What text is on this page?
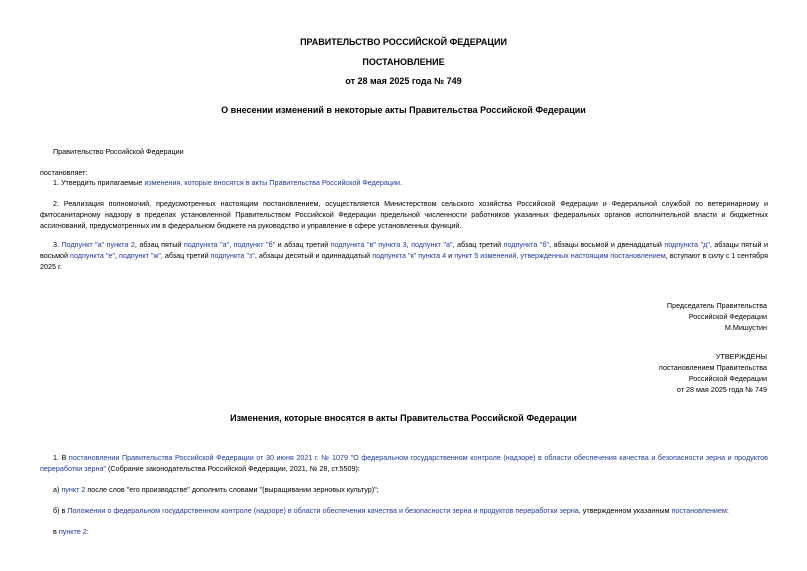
ПРАВИТЕЛЬСТВО РОССИЙСКОЙ ФЕДЕРАЦИИ
ПОСТАНОВЛЕНИЕ
от 28 мая 2025 года № 749
О внесении изменений в некоторые акты Правительства Российской Федерации
Правительство Российской Федерации
постановляет:

1. Утвердить прилагаемые изменения, которые вносятся в акты Правительства Российской Федерации.

2. Реализация полномочий, предусмотренных настоящим постановлением, осуществляется Министерством сельского хозяйства Российской Федерации и Федеральной службой по ветеринарному и фитосанитарному надзору в пределах установленной Правительством Российской Федерации предельной численности работников указанных федеральных органов исполнительной власти и бюджетных ассигнований, предусмотренных им в федеральном бюджете на руководство и управление в сфере установленных функций.

3. Подпункт "а" пункта 2, абзац пятый подпункта "а", подпункт "б" и абзац третий подпункта "в" пункта 3, подпункт "а", абзац третий подпункта "б", абзацы восьмой и двенадцатый подпункта "д", абзацы пятый и восьмой подпункта "е", подпункт "ж", абзац третий подпункта "з", абзацы десятый и одиннадцатый подпункта "к" пункта 4 и пункт 5 изменений, утвержденных настоящим постановлением, вступают в силу с 1 сентября 2025 г.

Председатель Правительства
Российской Федерации
М.Мишустин
УТВЕРЖДЕНЫ
постановлением Правительства
Российской Федерации
от 28 мая 2025 года № 749
Изменения, которые вносятся в акты Правительства Российской Федерации

1. В постановлении Правительства Российской Федерации от 30 июня 2021 г. № 1079 "О федеральном государственном контроле (надзоре) в области обеспечения качества и безопасности зерна и продуктов переработки зерна" (Собрание законодательства Российской Федерации, 2021, № 28, ст.5509):

а) пункт 2 после слов "его производстве" дополнить словами "(выращивании зерновых культур)";

б) в Положении о федеральном государственном контроле (надзоре) в области обеспечения качества и безопасности зерна и продуктов переработки зерна, утвержденном указанным постановлением:

в пункте 2:
